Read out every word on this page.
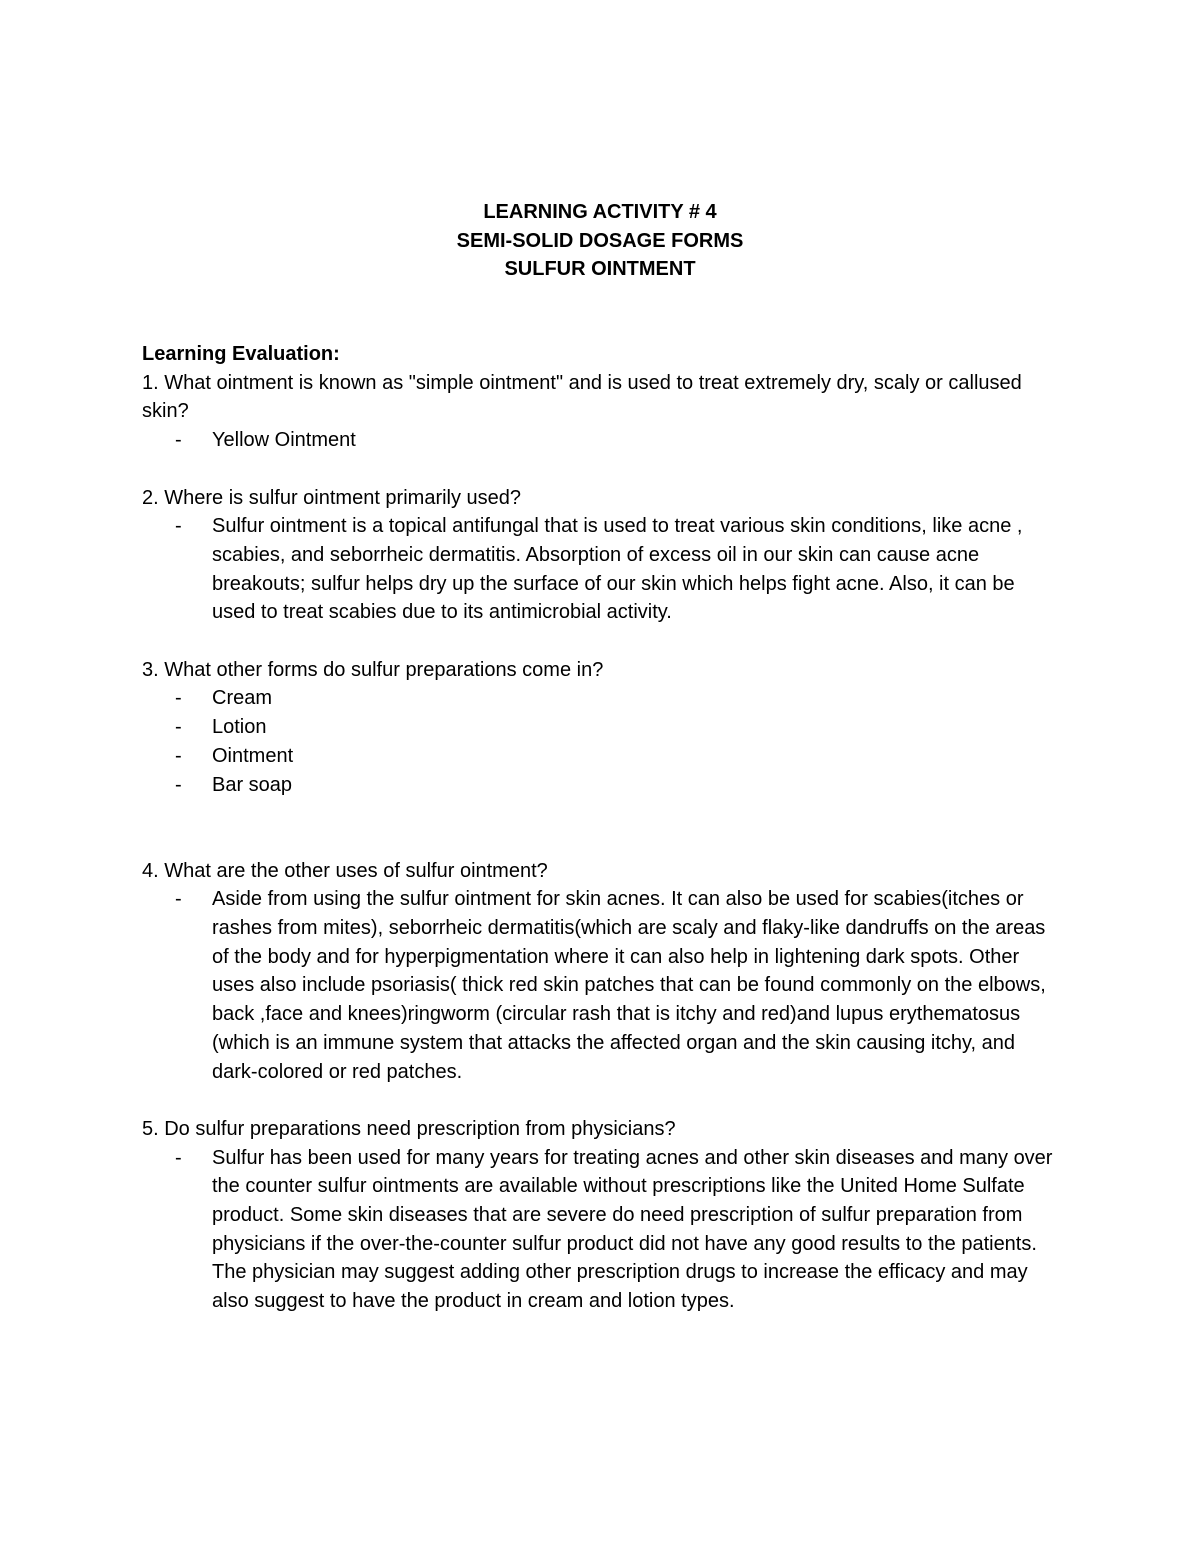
LEARNING ACTIVITY # 4
SEMI-SOLID DOSAGE FORMS
SULFUR OINTMENT

Learning Evaluation:

1. What ointment is known as "simple ointment" and is used to treat extremely dry, scaly or callused skin?

- Yellow Ointment

2. Where is sulfur ointment primarily used?

- Sulfur ointment is a topical antifungal that is used to treat various skin conditions, like acne , scabies, and seborrheic dermatitis. Absorption of excess oil in our skin can cause acne breakouts; sulfur helps dry up the surface of our skin which helps fight acne. Also, it can be used to treat scabies due to its antimicrobial activity.

3. What other forms do sulfur preparations come in?

- Cream
- Lotion
- Ointment
- Bar soap

4. What are the other uses of sulfur ointment?

- Aside from using the sulfur ointment for skin acnes. It can also be used for scabies(itches or rashes from mites), seborrheic dermatitis(which are scaly and flaky-like dandruffs on the areas of the body and for hyperpigmentation where it can also help in lightening dark spots. Other uses also include psoriasis( thick red skin patches that can be found commonly on the elbows, back ,face and knees)ringworm (circular rash that is itchy and red)and lupus erythematosus (which is an immune system that attacks the affected organ and the skin causing itchy, and dark-colored or red patches.

5. Do sulfur preparations need prescription from physicians?

- Sulfur has been used for many years for treating acnes and other skin diseases and many over the counter sulfur ointments are available without prescriptions like the United Home Sulfate product. Some skin diseases that are severe do need prescription of sulfur preparation from physicians if the over-the-counter sulfur product did not have any good results to the patients. The physician may suggest adding other prescription drugs to increase the efficacy and may also suggest to have the product in cream and lotion types.
